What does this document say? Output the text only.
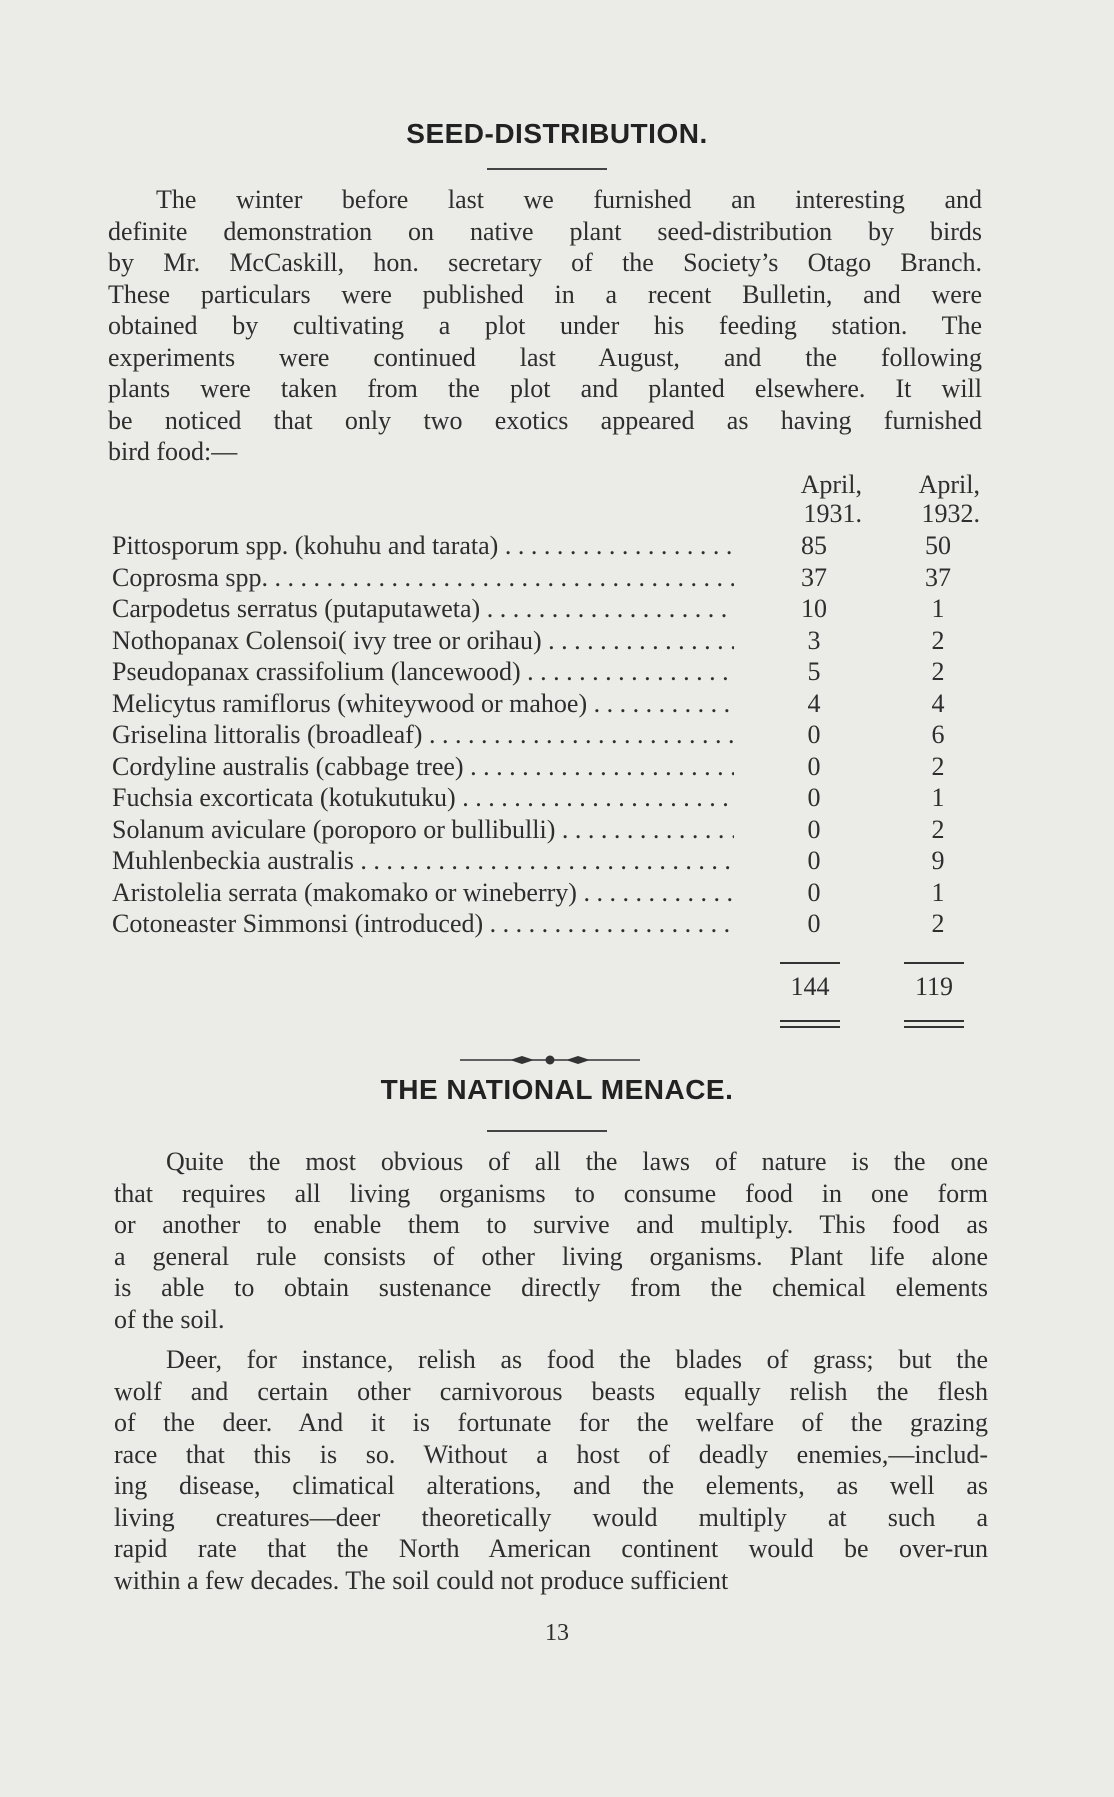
SEED-DISTRIBUTION.
The winter before last we furnished an interesting and
definite demonstration on native plant seed-distribution by birds
by Mr. McCaskill, hon. secretary of the Society’s Otago Branch.
These particulars were published in a recent Bulletin, and were
obtained by cultivating a plot under his feeding station. The
experiments were continued last August, and the following
plants were taken from the plot and planted elsewhere. It will
be noticed that only two exotics appeared as having furnished
bird food:—
April,
1931.
April,
1932.
Pittosporum spp. (kohuhu and tarata) . . .	85	50
Coprosma spp. . . .	37	37
Carpodetus serratus (putaputaweta) . . .	10	1
Nothopanax Colensoi( ivy tree or orihau) . . .	3	2
Pseudopanax crassifolium (lancewood) . . .	5	2
Melicytus ramiflorus (whiteywood or mahoe) . . .	4	4
Griselina littoralis (broadleaf) . . .	0	6
Cordyline australis (cabbage tree) . . .	0	2
Fuchsia excorticata (kotukutuku) . . .	0	1
Solanum aviculare (poroporo or bullibulli) . . .	0	2
Muhlenbeckia australis . . .	0	9
Aristolelia serrata (makomako or wineberry) . . .	0	1
Cotoneaster Simmonsi (introduced) . . .	0	2
144	119
THE NATIONAL MENACE.
Quite the most obvious of all the laws of nature is the one
that requires all living organisms to consume food in one form
or another to enable them to survive and multiply. This food as
a general rule consists of other living organisms. Plant life alone
is able to obtain sustenance directly from the chemical elements
of the soil.
Deer, for instance, relish as food the blades of grass; but the
wolf and certain other carnivorous beasts equally relish the flesh
of the deer. And it is fortunate for the welfare of the grazing
race that this is so. Without a host of deadly enemies,—includ-
ing disease, climatical alterations, and the elements, as well as
living creatures—deer theoretically would multiply at such a
rapid rate that the North American continent would be over-run
within a few decades. The soil could not produce sufficient
13
